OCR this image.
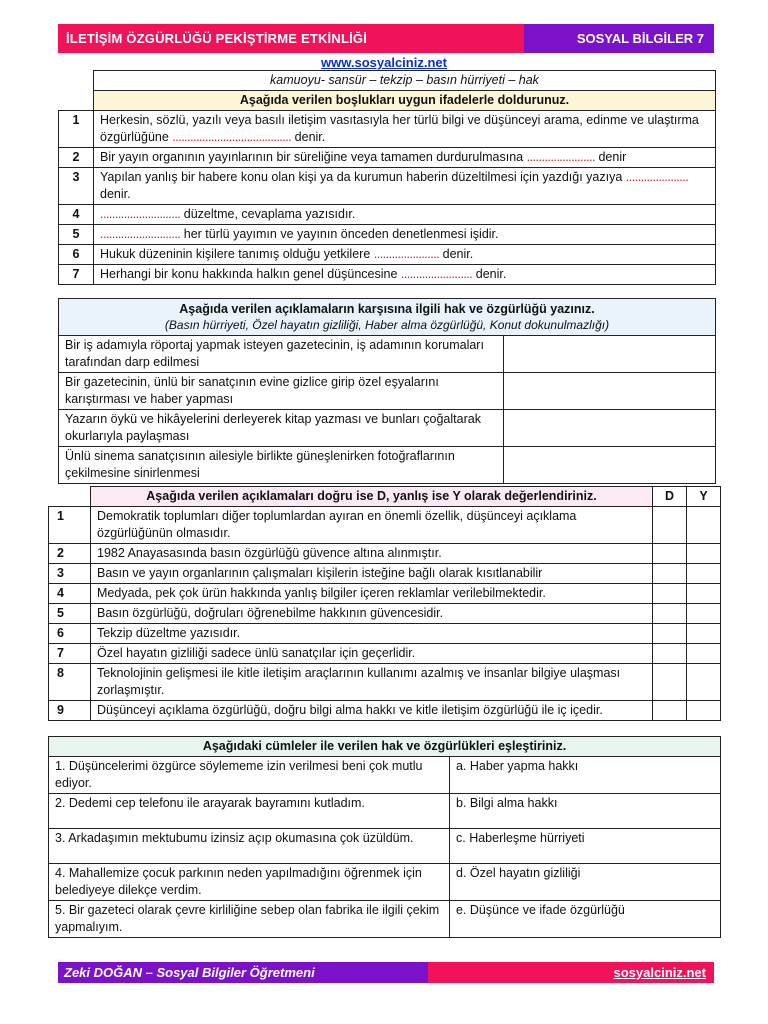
İLETİŞİM ÖZGÜRLÜĞÜ PEKİŞTİRME ETKİNLİĞİ	SOSYAL BİLGİLER 7
www.sosyalciniz.net
	kamuoyu- sansür – tekzip – basın hürriyeti – hak
	Aşağıda verilen boşlukları uygun ifadelerle doldurunuz.
1	Herkesin, sözlü, yazılı veya basılı iletişim vasıtasıyla her türlü bilgi ve düşünceyi arama, edinme ve ulaştırma özgürlüğüne ........................................ denir.
2	Bir yayın organının yayınlarının bir süreliğine veya tamamen durdurulmasına ....................... denir
3	Yapılan yanlış bir habere konu olan kişi ya da kurumun haberin düzeltilmesi için yazdığı yazıya ..................... denir.
4	........................... düzeltme, cevaplama yazısıdır.
5	........................... her türlü yayımın ve yayının önceden denetlenmesi işidir.
6	Hukuk düzeninin kişilere tanımış olduğu yetkilere ...................... denir.
7	Herhangi bir konu hakkında halkın genel düşüncesine ........................ denir.
Aşağıda verilen açıklamaların karşısına ilgili hak ve özgürlüğü yazınız.
(Basın hürriyeti, Özel hayatın gizliliği, Haber alma özgürlüğü, Konut dokunulmazlığı)	
Bir iş adamıyla röportaj yapmak isteyen gazetecinin, iş adamının korumaları tarafından darp edilmesi	
Bir gazetecinin, ünlü bir sanatçının evine gizlice girip özel eşyalarını karıştırması ve haber yapması	
Yazarın öykü ve hikâyelerini derleyerek kitap yazması ve bunları çoğaltarak okurlarıyla paylaşması	
Ünlü sinema sanatçısının ailesiyle birlikte güneşlenirken fotoğraflarının çekilmesine sinirlenmesi	
	Aşağıda verilen açıklamaları doğru ise D, yanlış ise Y olarak değerlendiriniz.	D	Y
1	Demokratik toplumları diğer toplumlardan ayıran en önemli özellik, düşünceyi açıklama özgürlüğünün olmasıdır.		
2	1982 Anayasasında basın özgürlüğü güvence altına alınmıştır.		
3	Basın ve yayın organlarının çalışmaları kişilerin isteğine bağlı olarak kısıtlanabilir		
4	Medyada, pek çok ürün hakkında yanlış bilgiler içeren reklamlar verilebilmektedir.		
5	Basın özgürlüğü, doğruları öğrenebilme hakkının güvencesidir.		
6	Tekzip düzeltme yazısıdır.		
7	Özel hayatın gizliliği sadece ünlü sanatçılar için geçerlidir.		
8	Teknolojinin gelişmesi ile kitle iletişim araçlarının kullanımı azalmış ve insanlar bilgiye ulaşması zorlaşmıştır.		
9	Düşünceyi açıklama özgürlüğü, doğru bilgi alma hakkı ve kitle iletişim özgürlüğü ile iç içedir.		
Aşağıdaki cümleler ile verilen hak ve özgürlükleri eşleştiriniz.	
1. Düşüncelerimi özgürce söylememe izin verilmesi beni çok mutlu ediyor.	a. Haber yapma hakkı
2. Dedemi cep telefonu ile arayarak bayramını kutladım.	b. Bilgi alma hakkı
3. Arkadaşımın mektubumu izinsiz açıp okumasına çok üzüldüm.	c. Haberleşme hürriyeti
4. Mahallemize çocuk parkının neden yapılmadığını öğrenmek için belediyeye dilekçe verdim.	d. Özel hayatın gizliliği
5. Bir gazeteci olarak çevre kirliliğine sebep olan fabrika ile ilgili çekim yapmalıyım.	e. Düşünce ve ifade özgürlüğü
Zeki DOĞAN – Sosyal Bilgiler Öğretmeni	sosyalciniz.net
